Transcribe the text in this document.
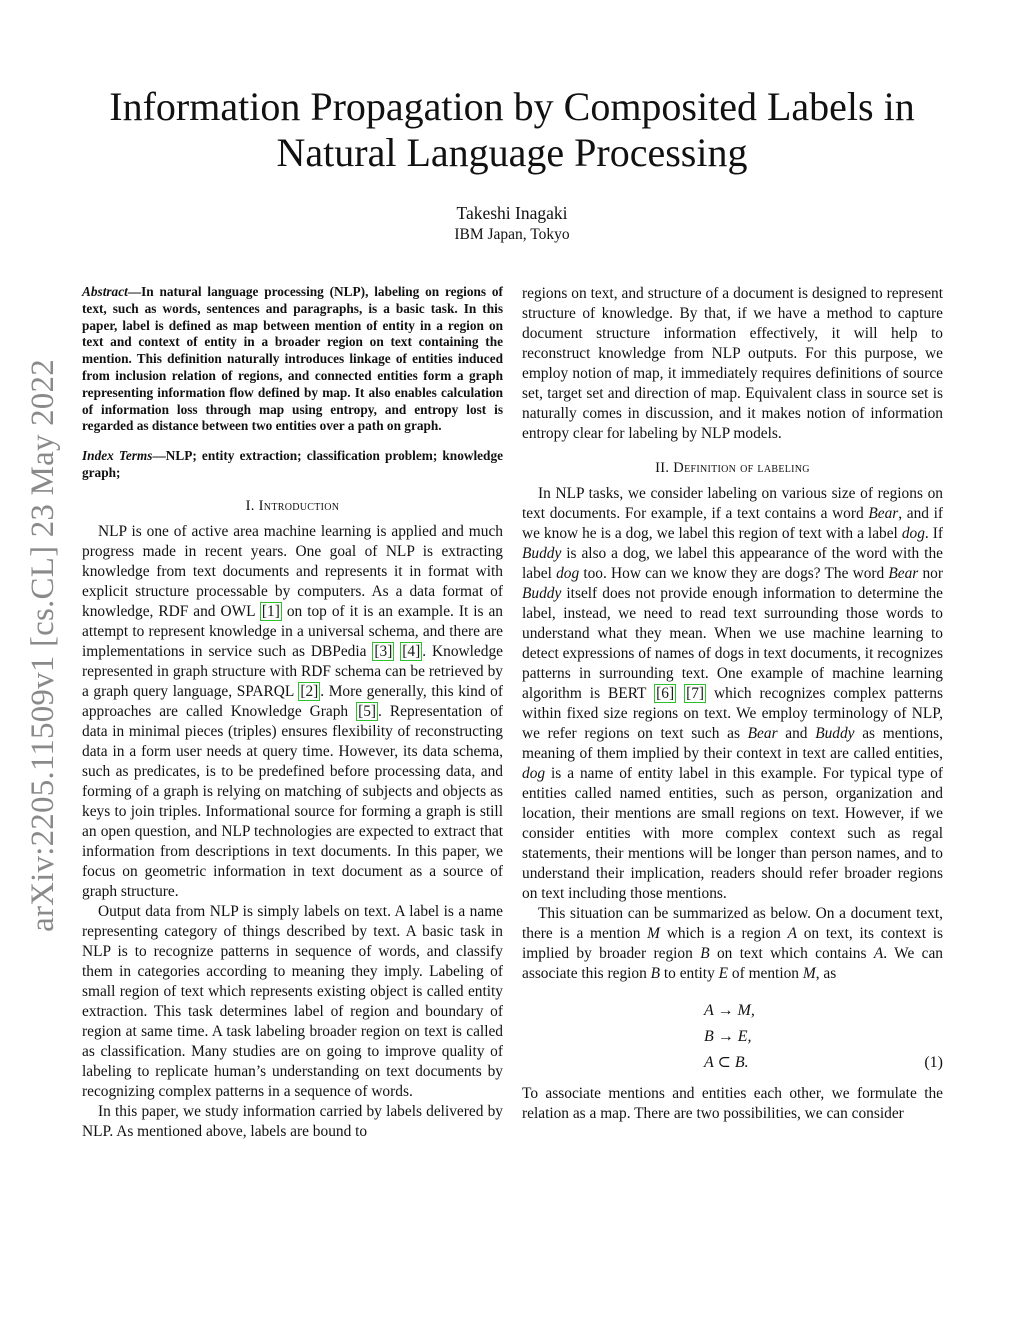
arXiv:2205.11509v1 [cs.CL] 23 May 2022
Information Propagation by Composited Labels in Natural Language Processing
Takeshi Inagaki
IBM Japan, Tokyo

Abstract—In natural language processing (NLP), labeling on regions of text, such as words, sentences and paragraphs, is a basic task. In this paper, label is defined as map between mention of entity in a region on text and context of entity in a broader region on text containing the mention. This definition naturally introduces linkage of entities induced from inclusion relation of regions, and connected entities form a graph representing information flow defined by map. It also enables calculation of information loss through map using entropy, and entropy lost is regarded as distance between two entities over a path on graph.

Index Terms—NLP; entity extraction; classification problem; knowledge graph;

I. Introduction

NLP is one of active area machine learning is applied and much progress made in recent years. One goal of NLP is extracting knowledge from text documents and represents it in format with explicit structure processable by computers. As a data format of knowledge, RDF and OWL [1] on top of it is an example. It is an attempt to represent knowledge in a universal schema, and there are implementations in service such as DBPedia [3] [4] . Knowledge represented in graph structure with RDF schema can be retrieved by a graph query language, SPARQL [2] . More generally, this kind of approaches are called Knowledge Graph [5] . Representation of data in minimal pieces (triples) ensures flexibility of reconstructing data in a form user needs at query time. However, its data schema, such as predicates, is to be predefined before processing data, and forming of a graph is relying on matching of subjects and objects as keys to join triples. Informational source for forming a graph is still an open question, and NLP technologies are expected to extract that information from descriptions in text documents. In this paper, we focus on geometric information in text document as a source of graph structure.

Output data from NLP is simply labels on text. A label is a name representing category of things described by text. A basic task in NLP is to recognize patterns in sequence of words, and classify them in categories according to meaning they imply. Labeling of small region of text which represents existing object is called entity extraction. This task determines label of region and boundary of region at same time. A task labeling broader region on text is called as classification. Many studies are on going to improve quality of labeling to replicate human’s understanding on text documents by recognizing complex patterns in a sequence of words.

In this paper, we study information carried by labels delivered by NLP. As mentioned above, labels are bound to

regions on text, and structure of a document is designed to represent structure of knowledge. By that, if we have a method to capture document structure information effectively, it will help to reconstruct knowledge from NLP outputs. For this purpose, we employ notion of map, it immediately requires definitions of source set, target set and direction of map. Equivalent class in source set is naturally comes in discussion, and it makes notion of information entropy clear for labeling by NLP models.

II. Definition of labeling

In NLP tasks, we consider labeling on various size of regions on text documents. For example, if a text contains a word Bear, and if we know he is a dog, we label this region of text with a label dog. If Buddy is also a dog, we label this appearance of the word with the label dog too. How can we know they are dogs? The word Bear nor Buddy itself does not provide enough information to determine the label, instead, we need to read text surrounding those words to understand what they mean. When we use machine learning to detect expressions of names of dogs in text documents, it recognizes patterns in surrounding text. One example of machine learning algorithm is BERT [6] [7] which recognizes complex patterns within fixed size regions on text. We employ terminology of NLP, we refer regions on text such as Bear and Buddy as mentions, meaning of them implied by their context in text are called entities, dog is a name of entity label in this example. For typical type of entities called named entities, such as person, organization and location, their mentions are small regions on text. However, if we consider entities with more complex context such as regal statements, their mentions will be longer than person names, and to understand their implication, readers should refer broader regions on text including those mentions.

This situation can be summarized as below. On a document text, there is a mention M which is a region A on text, its context is implied by broader region B on text which contains A. We can associate this region B to entity E of mention M, as

A → M,
B → E,
A ⊂ B.	(1)

To associate mentions and entities each other, we formulate the relation as a map. There are two possibilities, we can consider
